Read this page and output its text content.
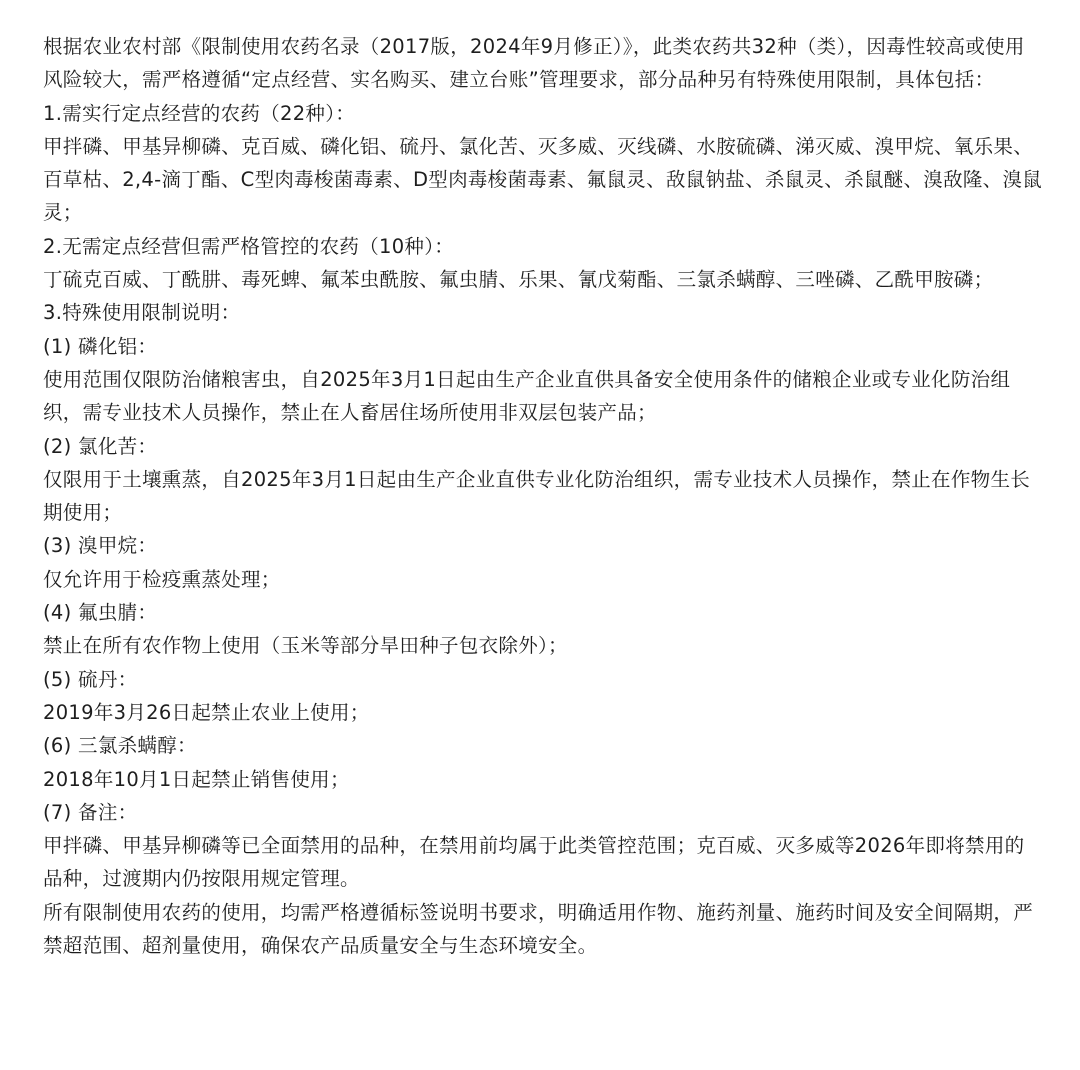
根据农业农村部《限制使用农药名录（2017版，2024年9月修正）》，此类农药共32种（类），因毒性较高或使用风险较大，需严格遵循“定点经营、实名购买、建立台账”管理要求，部分品种另有特殊使用限制，具体包括：

1.需实行定点经营的农药（22种）：

甲拌磷、甲基异柳磷、克百威、磷化铝、硫丹、氯化苦、灭多威、灭线磷、水胺硫磷、涕灭威、溴甲烷、氧乐果、百草枯、2,4-滴丁酯、C型肉毒梭菌毒素、D型肉毒梭菌毒素、氟鼠灵、敌鼠钠盐、杀鼠灵、杀鼠醚、溴敌隆、溴鼠灵；

2.无需定点经营但需严格管控的农药（10种）：

丁硫克百威、丁酰肼、毒死蜱、氟苯虫酰胺、氟虫腈、乐果、氰戊菊酯、三氯杀螨醇、三唑磷、乙酰甲胺磷；

3.特殊使用限制说明：

(1) 磷化铝：

使用范围仅限防治储粮害虫，自2025年3月1日起由生产企业直供具备安全使用条件的储粮企业或专业化防治组织，需专业技术人员操作，禁止在人畜居住场所使用非双层包装产品；

(2) 氯化苦：

仅限用于土壤熏蒸，自2025年3月1日起由生产企业直供专业化防治组织，需专业技术人员操作，禁止在作物生长期使用；

(3) 溴甲烷：

仅允许用于检疫熏蒸处理；

(4) 氟虫腈：

禁止在所有农作物上使用（玉米等部分旱田种子包衣除外）；

(5) 硫丹：

2019年3月26日起禁止农业上使用；

(6) 三氯杀螨醇：

2018年10月1日起禁止销售使用；

(7) 备注：

甲拌磷、甲基异柳磷等已全面禁用的品种，在禁用前均属于此类管控范围；克百威、灭多威等2026年即将禁用的品种，过渡期内仍按限用规定管理。

所有限制使用农药的使用，均需严格遵循标签说明书要求，明确适用作物、施药剂量、施药时间及安全间隔期，严禁超范围、超剂量使用，确保农产品质量安全与生态环境安全。
